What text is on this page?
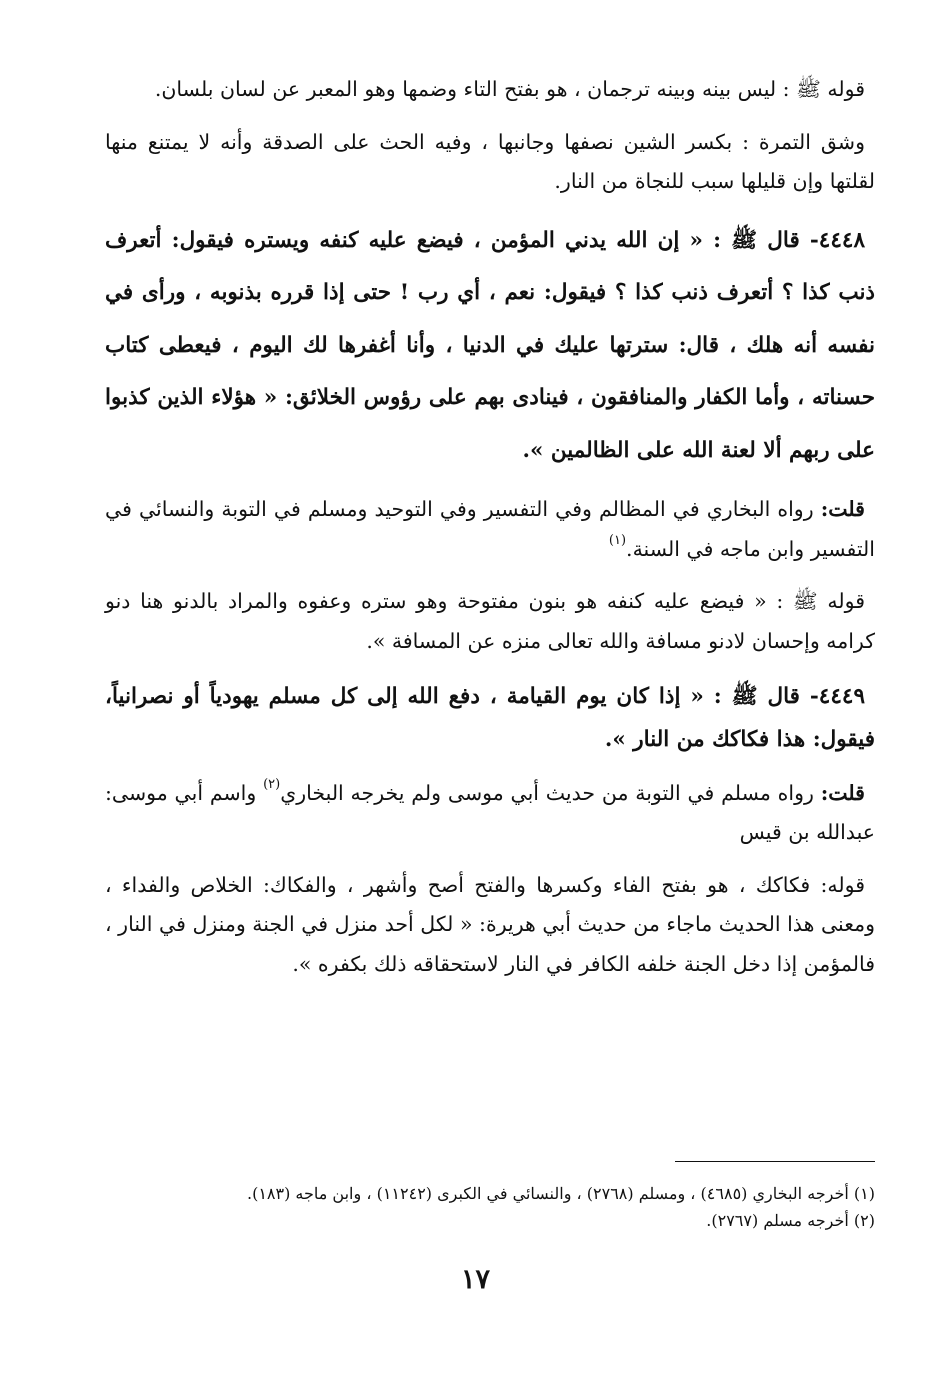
قوله ﷺ : ليس بينه وبينه ترجمان ، هو بفتح التاء وضمها وهو المعبر عن لسان بلسان.

وشق التمرة : بكسر الشين نصفها وجانبها ، وفيه الحث على الصدقة وأنه لا يمتنع منها لقلتها وإن قليلها سبب للنجاة من النار.

٤٤٤٨- قال ﷺ : « إن الله يدني المؤمن ، فيضع عليه كنفه ويستره فيقول: أتعرف ذنب كذا ؟ أتعرف ذنب كذا ؟ فيقول: نعم ، أي رب ! حتى إذا قرره بذنوبه ، ورأى في نفسه أنه هلك ، قال: سترتها عليك في الدنيا ، وأنا أغفرها لك اليوم ، فيعطى كتاب حسناته ، وأما الكفار والمنافقون ، فينادى بهم على رؤوس الخلائق: « هؤلاء الذين كذبوا على ربهم ألا لعنة الله على الظالمين ».

قلت: رواه البخاري في المظالم وفي التفسير وفي التوحيد ومسلم في التوبة والنسائي في التفسير وابن ماجه في السنة.$^{(١)}$

قوله ﷺ : « فيضع عليه كنفه هو بنون مفتوحة وهو ستره وعفوه والمراد بالدنو هنا دنو كرامه وإحسان لادنو مسافة والله تعالى منزه عن المسافة ».

٤٤٤٩- قال ﷺ : « إذا كان يوم القيامة ، دفع الله إلى كل مسلم يهودياً أو نصرانياً، فيقول: هذا فكاكك من النار ».

قلت: رواه مسلم في التوبة من حديث أبي موسى ولم يخرجه البخاري$^{(٢)}$ واسم أبي موسى: عبدالله بن قيس

قوله: فكاكك ، هو بفتح الفاء وكسرها والفتح أصح وأشهر ، والفكاك: الخلاص والفداء ، ومعنى هذا الحديث ماجاء من حديث أبي هريرة: « لكل أحد منزل في الجنة ومنزل في النار ، فالمؤمن إذا دخل الجنة خلفه الكافر في النار لاستحقاقه ذلك بكفره ».

(١) أخرجه البخاري (٤٦٨٥) ، ومسلم (٢٧٦٨) ، والنسائي في الكبرى (١١٢٤٢) ، وابن ماجه (١٨٣).

(٢) أخرجه مسلم (٢٧٦٧).

١٧
